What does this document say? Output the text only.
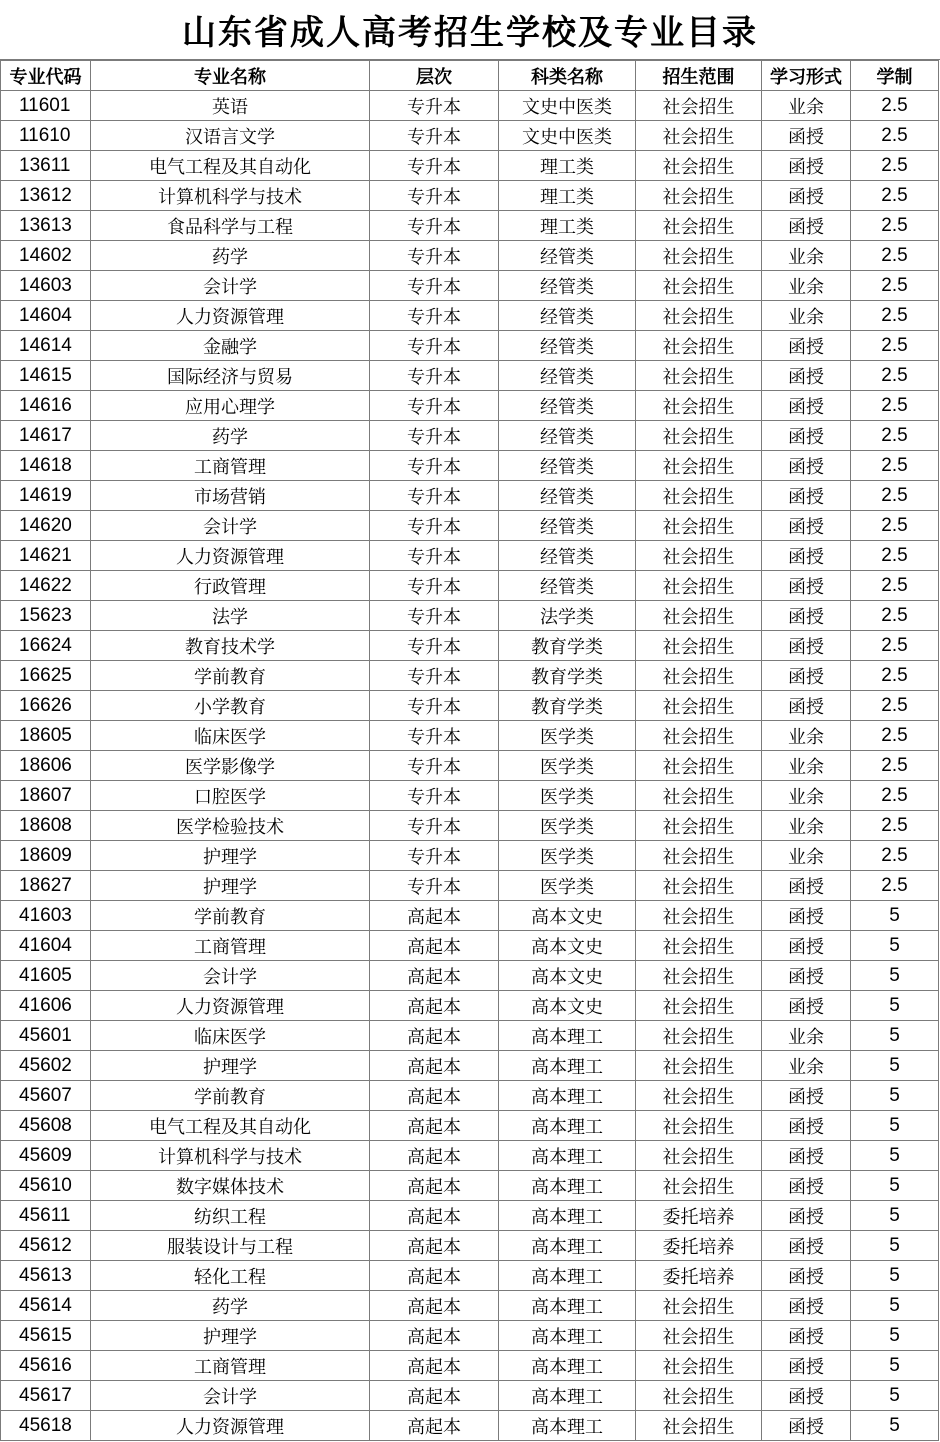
山东省成人高考招生学校及专业目录
专业代码	专业名称	层次	科类名称	招生范围	学习形式	学制
11601	英语	专升本	文史中医类	社会招生	业余	2.5
11610	汉语言文学	专升本	文史中医类	社会招生	函授	2.5
13611	电气工程及其自动化	专升本	理工类	社会招生	函授	2.5
13612	计算机科学与技术	专升本	理工类	社会招生	函授	2.5
13613	食品科学与工程	专升本	理工类	社会招生	函授	2.5
14602	药学	专升本	经管类	社会招生	业余	2.5
14603	会计学	专升本	经管类	社会招生	业余	2.5
14604	人力资源管理	专升本	经管类	社会招生	业余	2.5
14614	金融学	专升本	经管类	社会招生	函授	2.5
14615	国际经济与贸易	专升本	经管类	社会招生	函授	2.5
14616	应用心理学	专升本	经管类	社会招生	函授	2.5
14617	药学	专升本	经管类	社会招生	函授	2.5
14618	工商管理	专升本	经管类	社会招生	函授	2.5
14619	市场营销	专升本	经管类	社会招生	函授	2.5
14620	会计学	专升本	经管类	社会招生	函授	2.5
14621	人力资源管理	专升本	经管类	社会招生	函授	2.5
14622	行政管理	专升本	经管类	社会招生	函授	2.5
15623	法学	专升本	法学类	社会招生	函授	2.5
16624	教育技术学	专升本	教育学类	社会招生	函授	2.5
16625	学前教育	专升本	教育学类	社会招生	函授	2.5
16626	小学教育	专升本	教育学类	社会招生	函授	2.5
18605	临床医学	专升本	医学类	社会招生	业余	2.5
18606	医学影像学	专升本	医学类	社会招生	业余	2.5
18607	口腔医学	专升本	医学类	社会招生	业余	2.5
18608	医学检验技术	专升本	医学类	社会招生	业余	2.5
18609	护理学	专升本	医学类	社会招生	业余	2.5
18627	护理学	专升本	医学类	社会招生	函授	2.5
41603	学前教育	高起本	高本文史	社会招生	函授	5
41604	工商管理	高起本	高本文史	社会招生	函授	5
41605	会计学	高起本	高本文史	社会招生	函授	5
41606	人力资源管理	高起本	高本文史	社会招生	函授	5
45601	临床医学	高起本	高本理工	社会招生	业余	5
45602	护理学	高起本	高本理工	社会招生	业余	5
45607	学前教育	高起本	高本理工	社会招生	函授	5
45608	电气工程及其自动化	高起本	高本理工	社会招生	函授	5
45609	计算机科学与技术	高起本	高本理工	社会招生	函授	5
45610	数字媒体技术	高起本	高本理工	社会招生	函授	5
45611	纺织工程	高起本	高本理工	委托培养	函授	5
45612	服装设计与工程	高起本	高本理工	委托培养	函授	5
45613	轻化工程	高起本	高本理工	委托培养	函授	5
45614	药学	高起本	高本理工	社会招生	函授	5
45615	护理学	高起本	高本理工	社会招生	函授	5
45616	工商管理	高起本	高本理工	社会招生	函授	5
45617	会计学	高起本	高本理工	社会招生	函授	5
45618	人力资源管理	高起本	高本理工	社会招生	函授	5
